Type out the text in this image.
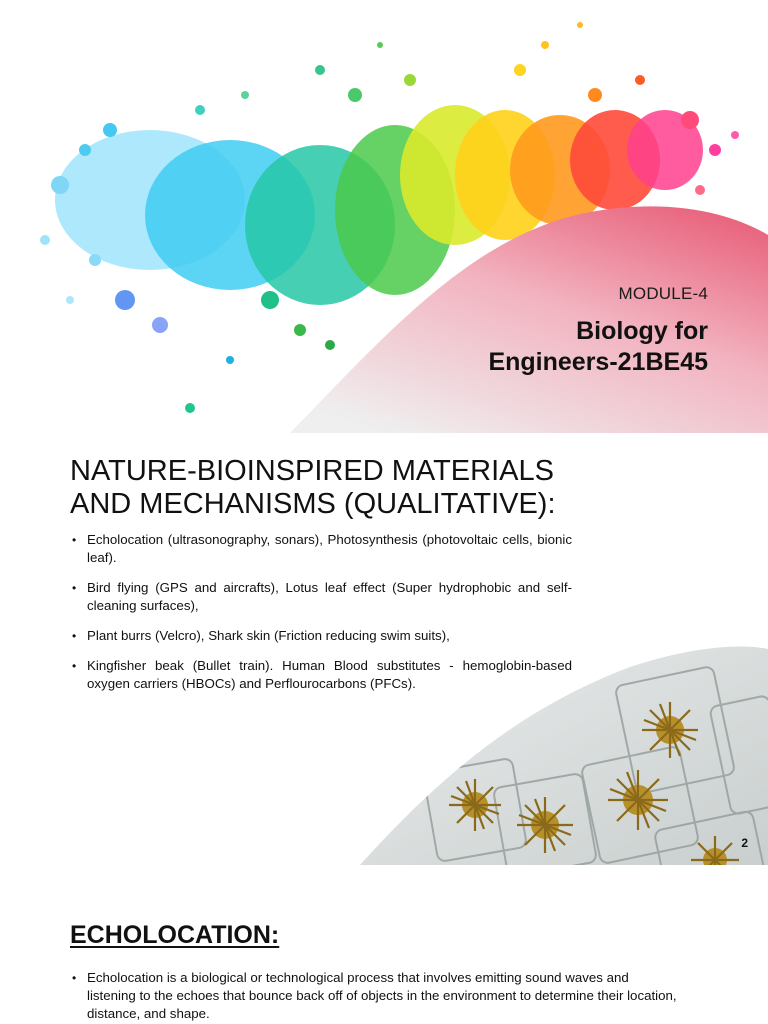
MODULE-4
Biology for
Engineers-21BE45
NATURE-BIOINSPIRED MATERIALS
AND MECHANISMS (QUALITATIVE):
• Echolocation (ultrasonography, sonars), Photosynthesis (photovoltaic cells, bionic leaf).
• Bird flying (GPS and aircrafts), Lotus leaf effect (Super hydrophobic and self-cleaning surfaces),
• Plant burrs (Velcro), Shark skin (Friction reducing swim suits),
• Kingfisher beak (Bullet train). Human Blood substitutes - hemoglobin-based oxygen carriers (HBOCs) and Perflourocarbons (PFCs).
2
ECHOLOCATION:
• Echolocation is a biological or technological process that involves emitting sound waves and listening to the echoes that bounce back off of objects in the environment to determine their location, distance, and shape.
